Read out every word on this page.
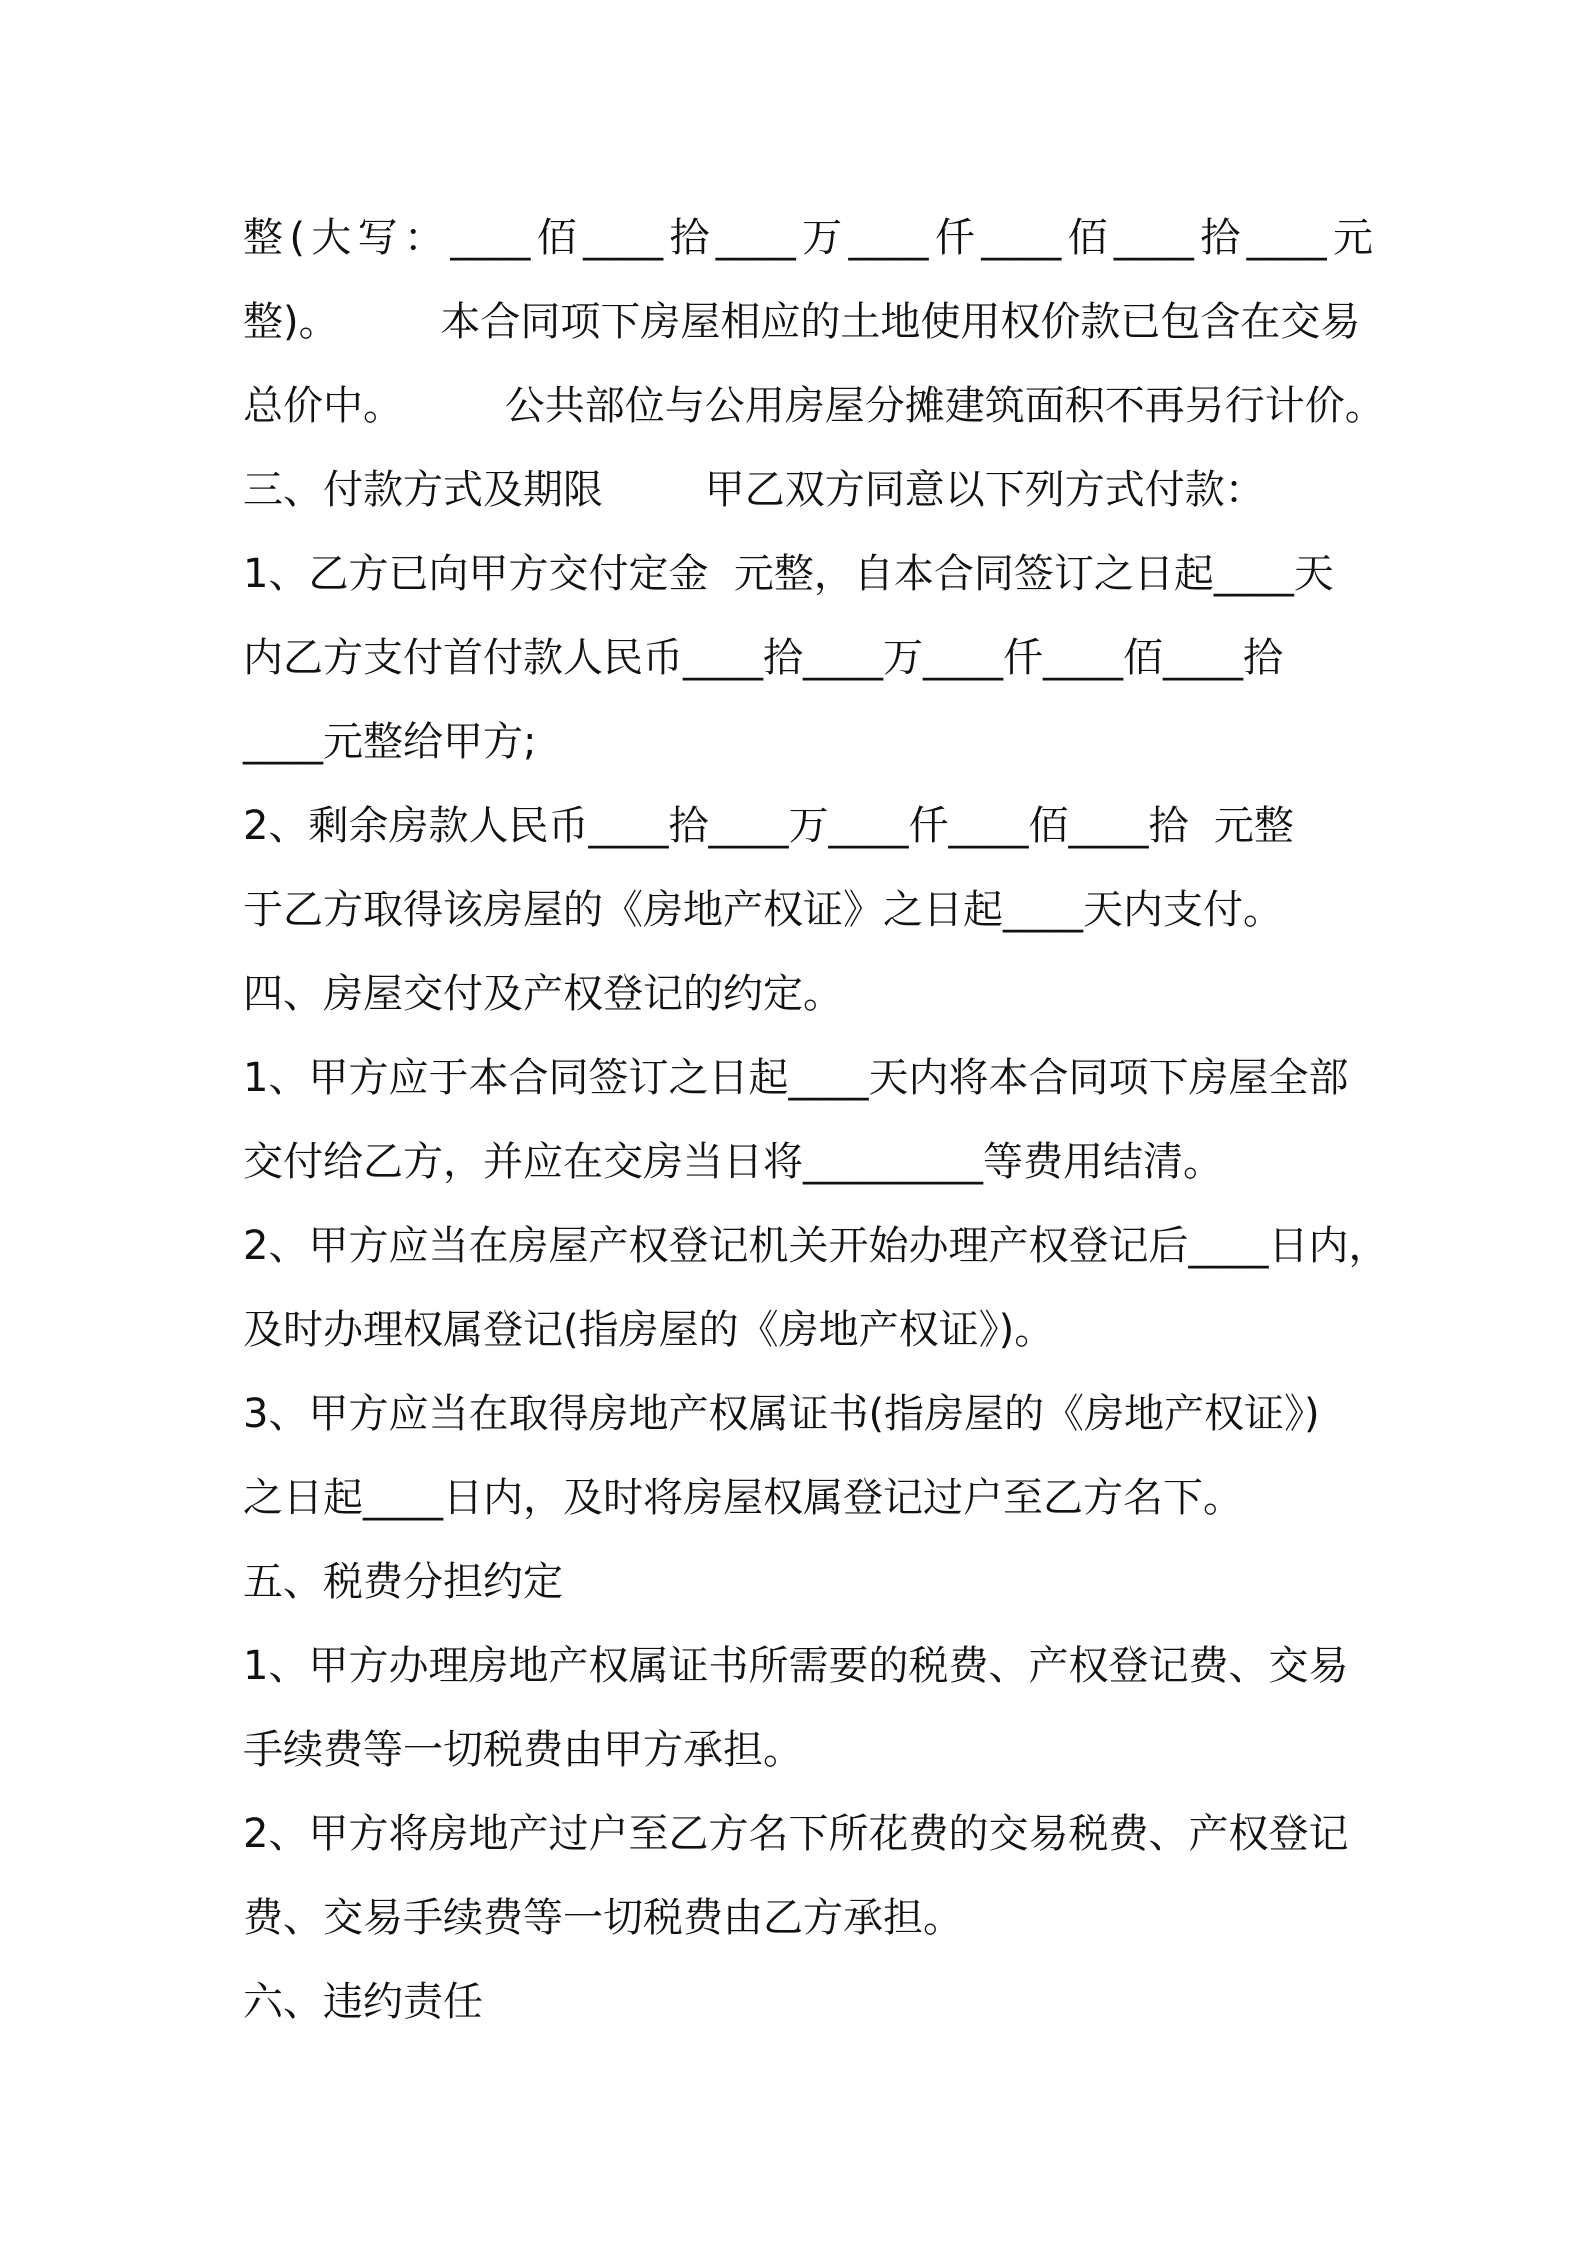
整(大写：____佰____拾____万____仟____佰____拾____元
整)。        本合同项下房屋相应的土地使用权价款已包含在交易
总价中。        公共部位与公用房屋分摊建筑面积不再另行计价。
三、付款方式及期限        甲乙双方同意以下列方式付款：
1、乙方已向甲方交付定金  元整，自本合同签订之日起____天
内乙方支付首付款人民币____拾____万____仟____佰____拾
____元整给甲方;
2、剩余房款人民币____拾____万____仟____佰____拾  元整
于乙方取得该房屋的《房地产权证》之日起____天内支付。
四、房屋交付及产权登记的约定。
1、甲方应于本合同签订之日起____天内将本合同项下房屋全部
交付给乙方，并应在交房当日将_________等费用结清。
2、甲方应当在房屋产权登记机关开始办理产权登记后____日内，
及时办理权属登记(指房屋的《房地产权证》)。
3、甲方应当在取得房地产权属证书(指房屋的《房地产权证》)
之日起____日内，及时将房屋权属登记过户至乙方名下。
五、税费分担约定
1、甲方办理房地产权属证书所需要的税费、产权登记费、交易
手续费等一切税费由甲方承担。
2、甲方将房地产过户至乙方名下所花费的交易税费、产权登记
费、交易手续费等一切税费由乙方承担。
六、违约责任
